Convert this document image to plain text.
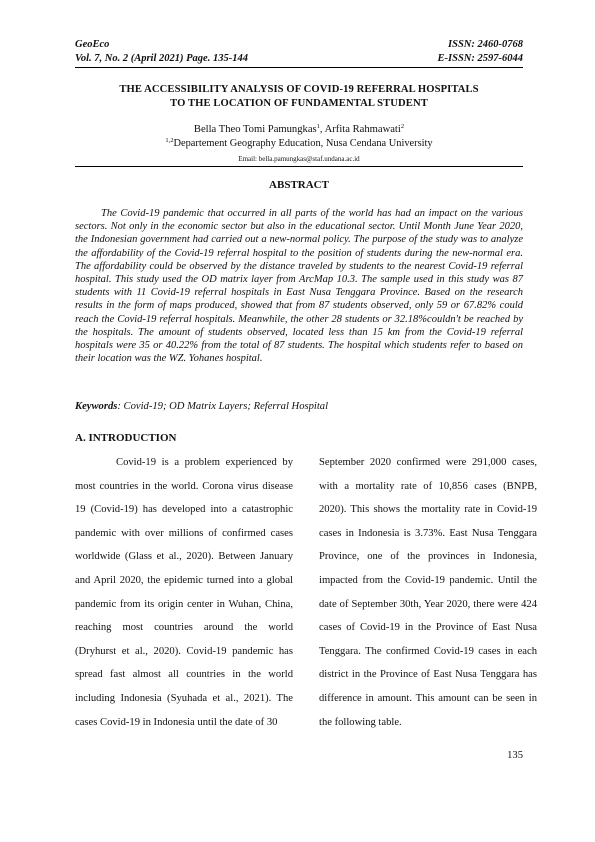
GeoEco	ISSN: 2460-0768
Vol. 7, No. 2 (April 2021) Page. 135-144	E-ISSN: 2597-6044
THE ACCESSIBILITY ANALYSIS OF COVID-19 REFERRAL HOSPITALS
TO THE LOCATION OF FUNDAMENTAL STUDENT
Bella Theo Tomi Pamungkas$^1$, Arfita Rahmawati$^2$
$^{1,2}$Departement Geography Education, Nusa Cendana University
Email: bella.pamungkas@staf.undana.ac.id
ABSTRACT

The Covid-19 pandemic that occurred in all parts of the world has had an impact on the various sectors. Not only in the economic sector but also in the educational sector. Until Month June Year 2020, the Indonesian government had carried out a new-normal policy. The purpose of the study was to analyze the affordability of the Covid-19 referral hospital to the position of students during the new-normal era. The affordability could be observed by the distance traveled by students to the nearest Covid-19 referral hospital. This study used the OD matrix layer from ArcMap 10.3. The sample used in this study was 87 students with 11 Covid-19 referral hospitals in East Nusa Tenggara Province. Based on the research results in the form of maps produced, showed that from 87 students observed, only 59 or 67.82% could reach the Covid-19 referral hospitals. Meanwhile, the other 28 students or 32.18%couldn't be reached by the hospitals. The amount of students observed, located less than 15 km from the Covid-19 referral hospitals were 35 or 40.22% from the total of 87 students. The hospital which students refer to based on their location was the WZ. Yohanes hospital.

Keywords: Covid-19; OD Matrix Layers; Referral Hospital

A. INTRODUCTION

Covid-19 is a problem experienced by most countries in the world. Corona virus disease 19 (Covid-19) has developed into a catastrophic pandemic with over millions of confirmed cases worldwide (Glass et al., 2020). Between January and April 2020, the epidemic turned into a global pandemic from its origin center in Wuhan, China, reaching most countries around the world (Dryhurst et al., 2020). Covid-19 pandemic has spread fast almost all countries in the world including Indonesia (Syuhada et al., 2021). The cases Covid-19 in Indonesia until the date of 30

September 2020 confirmed were 291,000 cases, with a mortality rate of 10,856 cases (BNPB, 2020). This shows the mortality rate in Covid-19 cases in Indonesia is 3.73%. East Nusa Tenggara Province, one of the provinces in Indonesia, impacted from the Covid-19 pandemic. Until the date of September 30th, Year 2020, there were 424 cases of Covid-19 in the Province of East Nusa Tenggara. The confirmed Covid-19 cases in each district in the Province of East Nusa Tenggara has difference in amount. This amount can be seen in the following table.

135
